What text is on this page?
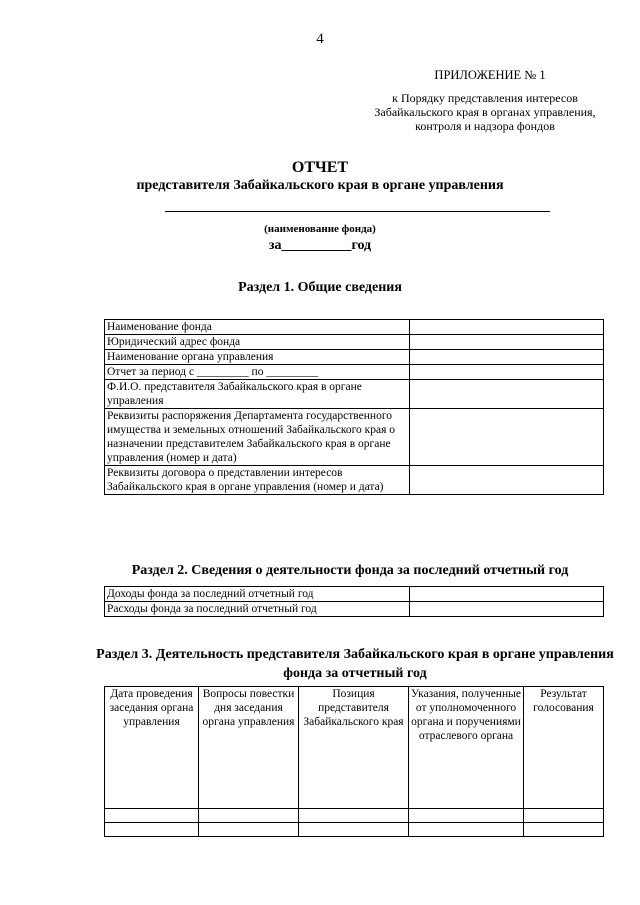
4
ПРИЛОЖЕНИЕ № 1
к Порядку представления интересов
Забайкальского края в органах управления,
контроля и надзора фондов
ОТЧЕТ
представителя Забайкальского края в органе управления
(наименование фонда)
за__________год
Раздел 1. Общие сведения
Наименование фонда	
Юридический адрес фонда	
Наименование органа управления	
Отчет за период с _________ по _________	
Ф.И.О. представителя Забайкальского края в органе управления	
Реквизиты распоряжения Департамента государственного имущества и земельных отношений Забайкальского края о назначении представителем Забайкальского края в органе управления (номер и дата)	
Реквизиты договора о представлении интересов Забайкальского края в органе управления (номер и дата)	
Раздел 2. Сведения о деятельности фонда за последний отчетный год
Доходы фонда за последний отчетный год	
Расходы фонда за последний отчетный год	
Раздел 3. Деятельность представителя Забайкальского края в органе управления фонда за отчетный год
Дата проведения заседания органа управления	Вопросы повестки дня заседания органа управления	Позиция представителя Забайкальского края	Указания, полученные от уполномоченного органа и поручениями отраслевого органа	Результат голосования
